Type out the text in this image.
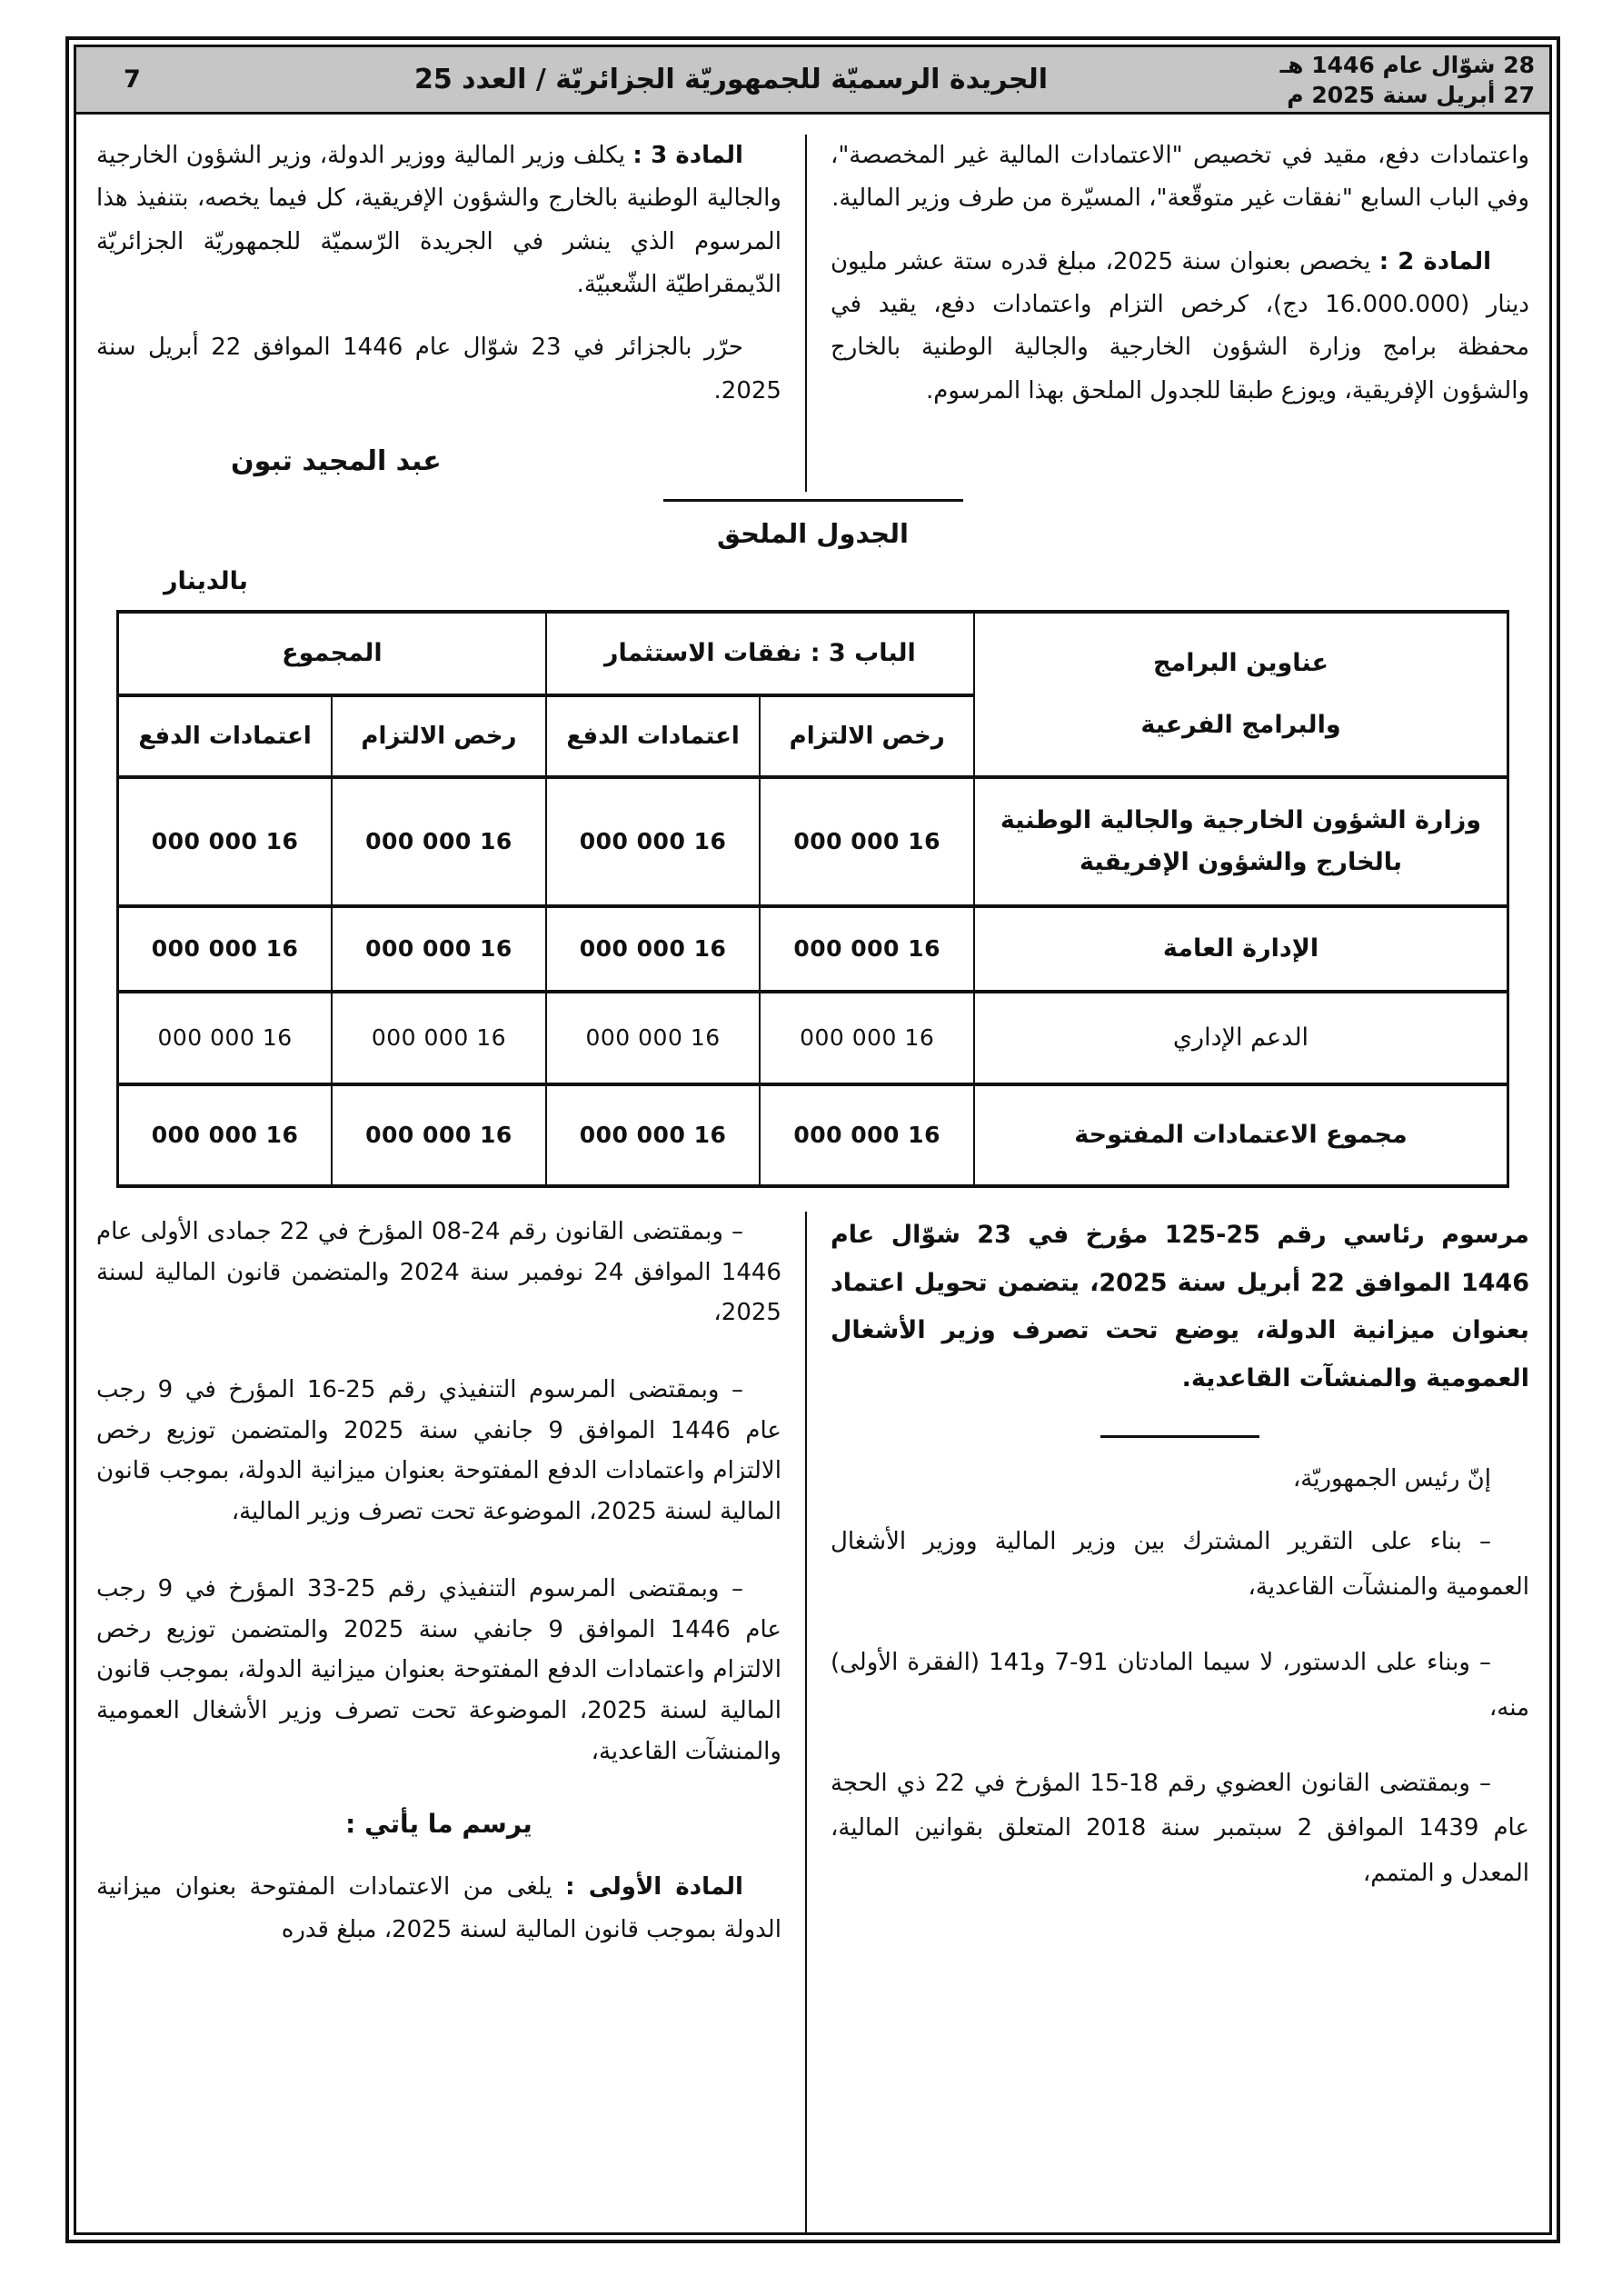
28 شوّال عام 1446 هـ
27 أبريل سنة 2025 م
الجريدة الرسميّة للجمهوريّة الجزائريّة / العدد 25
7

واعتمادات دفع، مقيد في تخصيص "الاعتمادات المالية غير المخصصة"، وفي الباب السابع "نفقات غير متوقّعة"، المسيّرة من طرف وزير المالية.

المادة 2 : يخصص بعنوان سنة 2025، مبلغ قدره ستة عشر مليون دينار (16.000.000 دج)، كرخص التزام واعتمادات دفع، يقيد في محفظة برامج وزارة الشؤون الخارجية والجالية الوطنية بالخارج والشؤون الإفريقية، ويوزع طبقا للجدول الملحق بهذا المرسوم.

المادة 3 : يكلف وزير المالية ووزير الدولة، وزير الشؤون الخارجية والجالية الوطنية بالخارج والشؤون الإفريقية، كل فيما يخصه، بتنفيذ هذا المرسوم الذي ينشر في الجريدة الرّسميّة للجمهوريّة الجزائريّة الدّيمقراطيّة الشّعبيّة.

حرّر بالجزائر في 23 شوّال عام 1446 الموافق 22 أبريل سنة 2025.

عبد المجيد تبون
الجدول الملحق
بالدينار
عناوين البرامج
والبرامج الفرعية	الباب 3 : نفقات الاستثمار		المجموع	
	رخص الالتزام	اعتمادات الدفع	رخص الالتزام	اعتمادات الدفع
وزارة الشؤون الخارجية والجالية الوطنية بالخارج والشؤون الإفريقية	16 000 000	16 000 000	16 000 000	16 000 000
الإدارة العامة	16 000 000	16 000 000	16 000 000	16 000 000
الدعم الإداري	16 000 000	16 000 000	16 000 000	16 000 000
مجموع الاعتمادات المفتوحة	16 000 000	16 000 000	16 000 000	16 000 000

مرسوم رئاسي رقم 25-125 مؤرخ في 23 شوّال عام 1446 الموافق 22 أبريل سنة 2025، يتضمن تحويل اعتماد بعنوان ميزانية الدولة، يوضع تحت تصرف وزير الأشغال العمومية والمنشآت القاعدية.

إنّ رئيس الجمهوريّة،

– بناء على التقرير المشترك بين وزير المالية ووزير الأشغال العمومية والمنشآت القاعدية،

– وبناء على الدستور، لا سيما المادتان 91-7 و141 (الفقرة الأولى) منه،

– وبمقتضى القانون العضوي رقم 18-15 المؤرخ في 22 ذي الحجة عام 1439 الموافق 2 سبتمبر سنة 2018 المتعلق بقوانين المالية، المعدل و المتمم،

– وبمقتضى القانون رقم 24-08 المؤرخ في 22 جمادى الأولى عام 1446 الموافق 24 نوفمبر سنة 2024 والمتضمن قانون المالية لسنة 2025،

– وبمقتضى المرسوم التنفيذي رقم 25-16 المؤرخ في 9 رجب عام 1446 الموافق 9 جانفي سنة 2025 والمتضمن توزيع رخص الالتزام واعتمادات الدفع المفتوحة بعنوان ميزانية الدولة، بموجب قانون المالية لسنة 2025، الموضوعة تحت تصرف وزير المالية،

– وبمقتضى المرسوم التنفيذي رقم 25-33 المؤرخ في 9 رجب عام 1446 الموافق 9 جانفي سنة 2025 والمتضمن توزيع رخص الالتزام واعتمادات الدفع المفتوحة بعنوان ميزانية الدولة، بموجب قانون المالية لسنة 2025، الموضوعة تحت تصرف وزير الأشغال العمومية والمنشآت القاعدية،

يرسم ما يأتي :

المادة الأولى : يلغى من الاعتمادات المفتوحة بعنوان ميزانية الدولة بموجب قانون المالية لسنة 2025، مبلغ قدره
